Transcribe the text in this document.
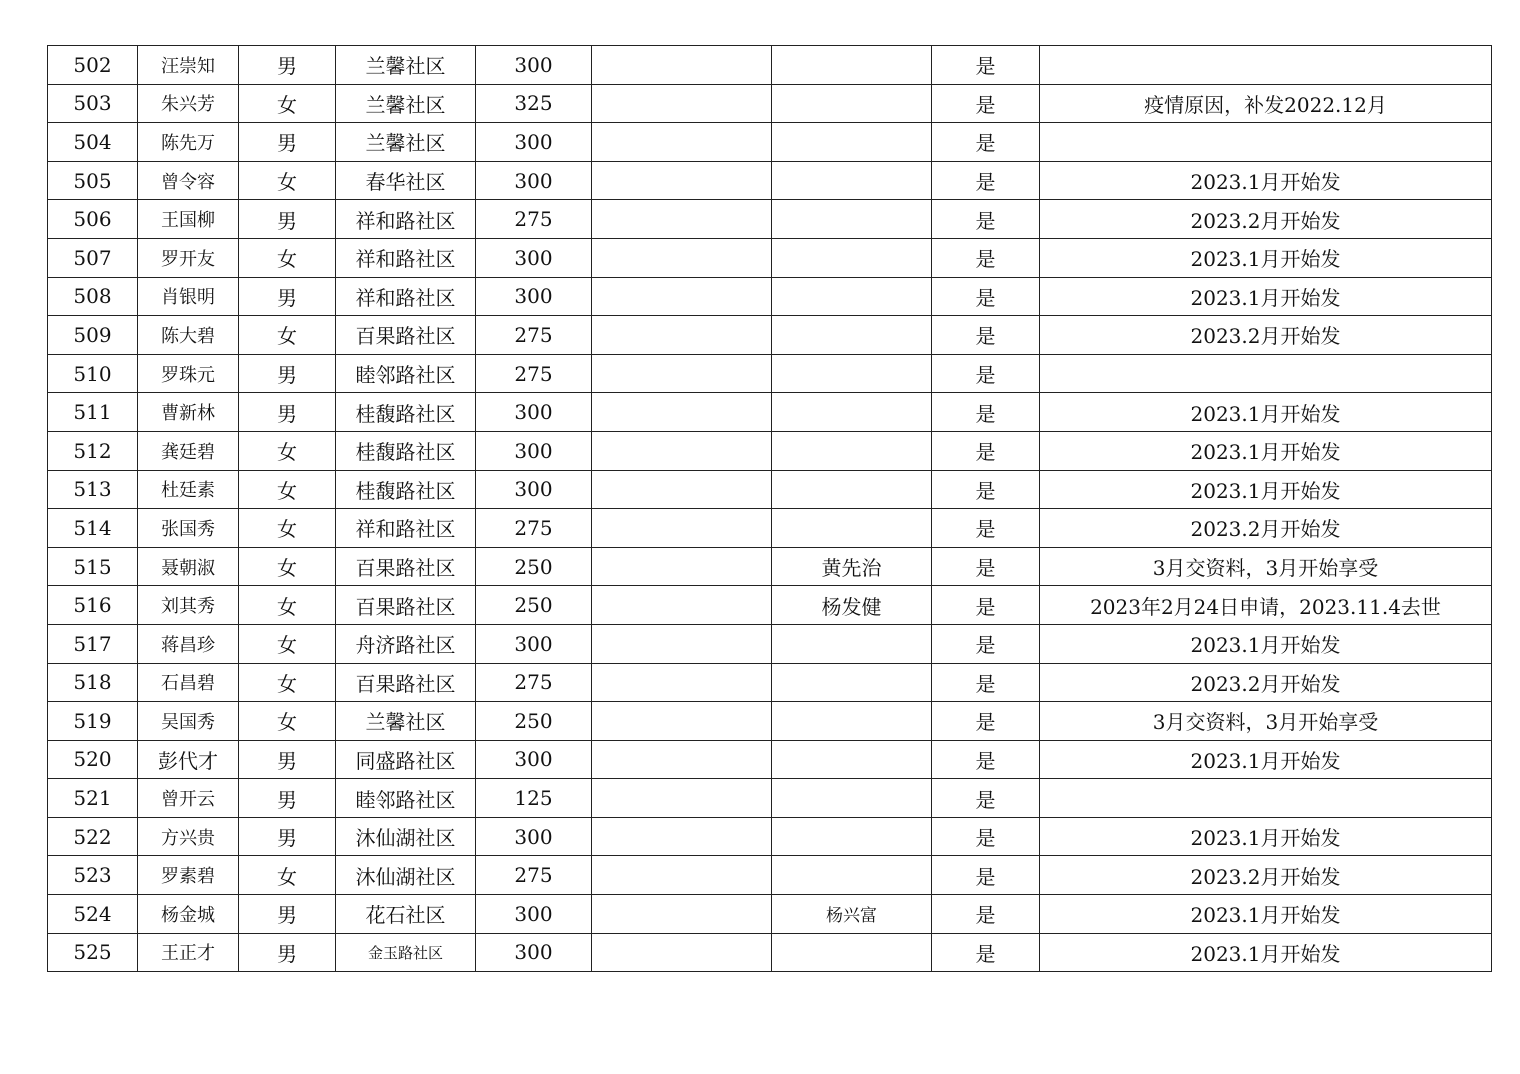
502	汪崇知	男	兰馨社区	300			是	
503	朱兴芳	女	兰馨社区	325			是	疫情原因，补发2022.12月
504	陈先万	男	兰馨社区	300			是	
505	曾令容	女	春华社区	300			是	2023.1月开始发
506	王国柳	男	祥和路社区	275			是	2023.2月开始发
507	罗开友	女	祥和路社区	300			是	2023.1月开始发
508	肖银明	男	祥和路社区	300			是	2023.1月开始发
509	陈大碧	女	百果路社区	275			是	2023.2月开始发
510	罗珠元	男	睦邻路社区	275			是	
511	曹新林	男	桂馥路社区	300			是	2023.1月开始发
512	龚廷碧	女	桂馥路社区	300			是	2023.1月开始发
513	杜廷素	女	桂馥路社区	300			是	2023.1月开始发
514	张国秀	女	祥和路社区	275			是	2023.2月开始发
515	聂朝淑	女	百果路社区	250		黄先治	是	3月交资料，3月开始享受
516	刘其秀	女	百果路社区	250		杨发健	是	2023年2月24日申请，2023.11.4去世
517	蒋昌珍	女	舟济路社区	300			是	2023.1月开始发
518	石昌碧	女	百果路社区	275			是	2023.2月开始发
519	吴国秀	女	兰馨社区	250			是	3月交资料，3月开始享受
520	彭代才	男	同盛路社区	300			是	2023.1月开始发
521	曾开云	男	睦邻路社区	125			是	
522	方兴贵	男	沐仙湖社区	300			是	2023.1月开始发
523	罗素碧	女	沐仙湖社区	275			是	2023.2月开始发
524	杨金城	男	花石社区	300		杨兴富	是	2023.1月开始发
525	王正才	男	金玉路社区	300			是	2023.1月开始发
